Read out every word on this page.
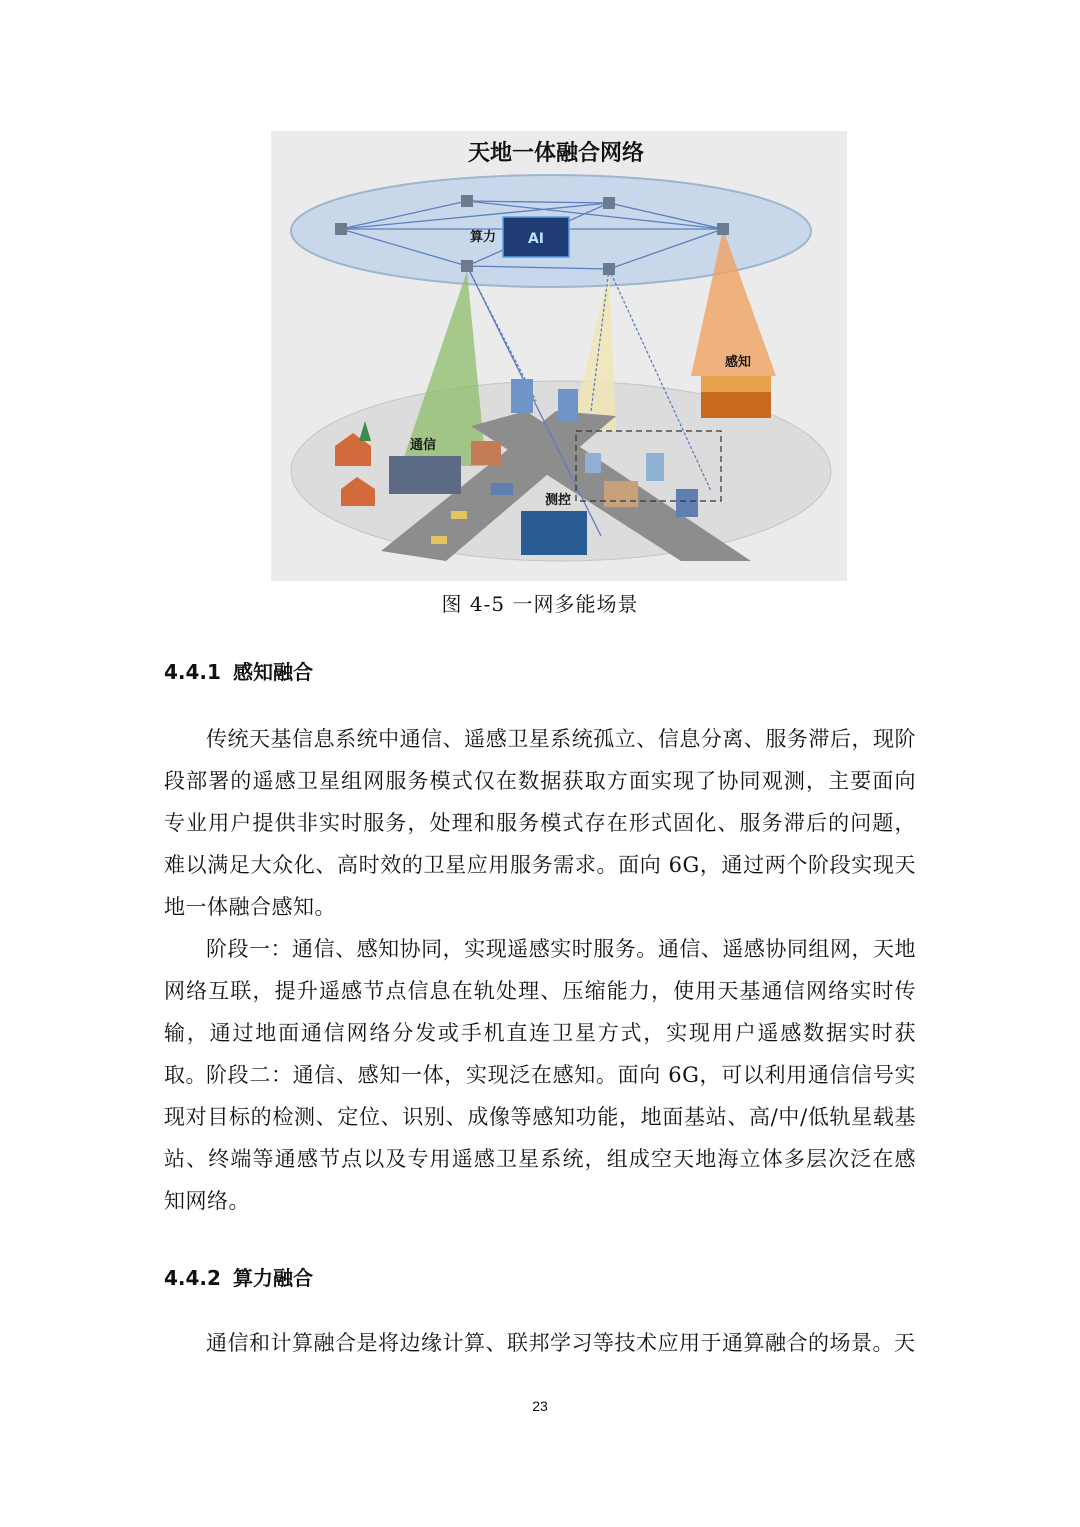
AI
天地一体融合网络
算力
感知
通信
测控
图 4-5 一网多能场景
4.4.1 感知融合

传统天基信息系统中通信、遥感卫星系统孤立、信息分离、服务滞后，现阶段部署的遥感卫星组网服务模式仅在数据获取方面实现了协同观测，主要面向专业用户提供非实时服务，处理和服务模式存在形式固化、服务滞后的问题，难以满足大众化、高时效的卫星应用服务需求。面向 6G，通过两个阶段实现天地一体融合感知。

阶段一：通信、感知协同，实现遥感实时服务。通信、遥感协同组网，天地网络互联，提升遥感节点信息在轨处理、压缩能力，使用天基通信网络实时传输，通过地面通信网络分发或手机直连卫星方式，实现用户遥感数据实时获取。 阶段二：通信、感知一体，实现泛在感知。面向 6G，可以利用通信信号实现对目标的检测、定位、识别、成像等感知功能，地面基站、高/中/低轨星载基站、终端等通感节点以及专用遥感卫星系统，组成空天地海立体多层次泛在感知网络。

4.4.2 算力融合

通信和计算融合是将边缘计算、联邦学习等技术应用于通算融合的场景。天

23
